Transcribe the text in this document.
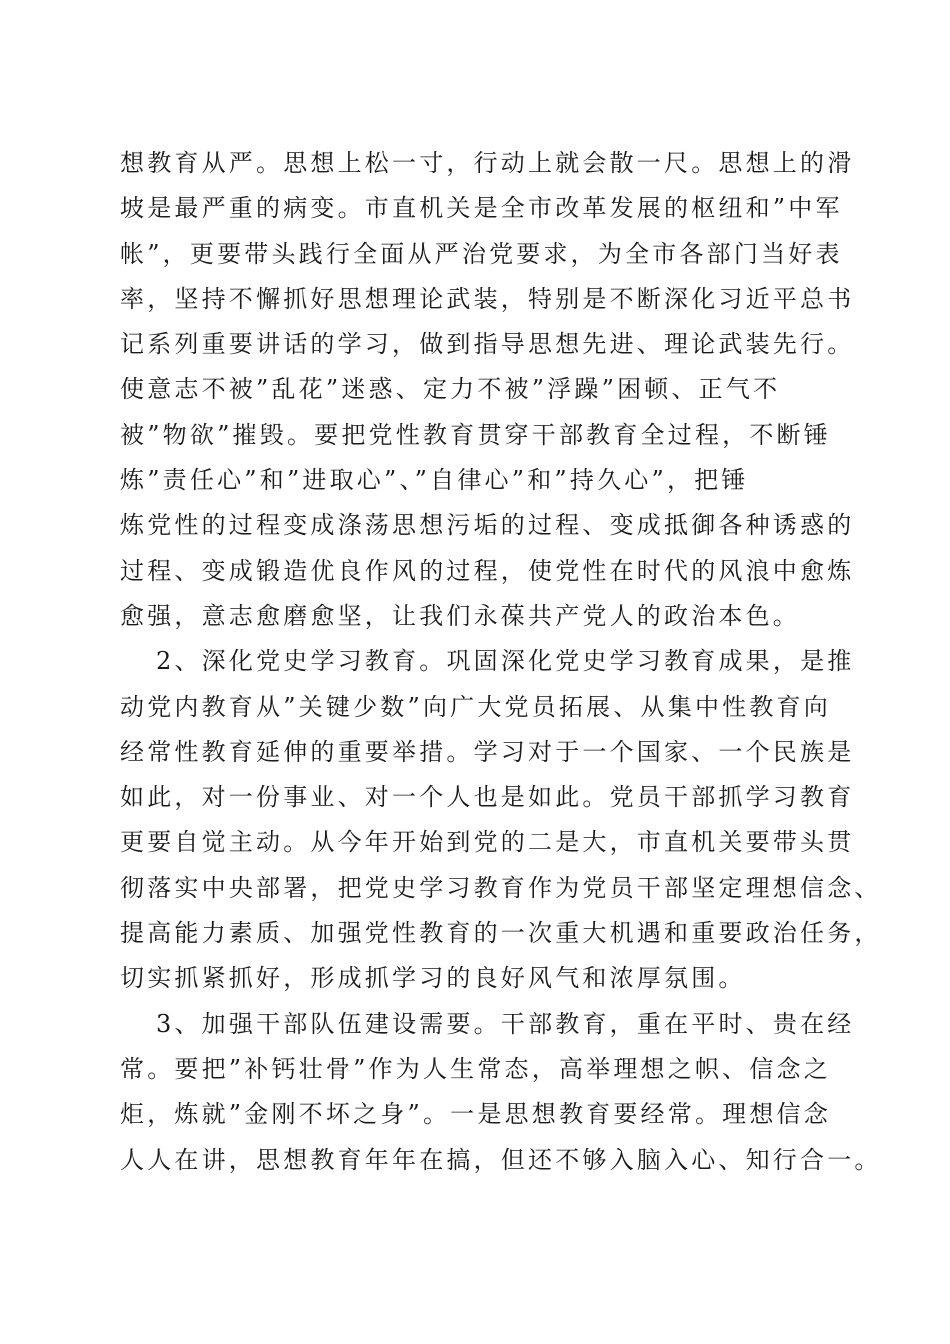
想教育从严。思想上松一寸，行动上就会散一尺。思想上的滑
坡是最严重的病变。市直机关是全市改革发展的枢纽和”中军
帐”，更要带头践行全面从严治党要求，为全市各部门当好表
率，坚持不懈抓好思想理论武装，特别是不断深化习近平总书
记系列重要讲话的学习，做到指导思想先进、理论武装先行。
使意志不被”乱花”迷惑、定力不被”浮躁”困顿、正气不
被”物欲”摧毁。要把党性教育贯穿干部教育全过程，不断锤
炼”责任心”和”进取心”、”自律心”和”持久心”，把锤
炼党性的过程变成涤荡思想污垢的过程、变成抵御各种诱惑的
过程、变成锻造优良作风的过程，使党性在时代的风浪中愈炼
愈强，意志愈磨愈坚，让我们永葆共产党人的政治本色。
2、深化党史学习教育。巩固深化党史学习教育成果，是推
动党内教育从”关键少数”向广大党员拓展、从集中性教育向
经常性教育延伸的重要举措。学习对于一个国家、一个民族是
如此，对一份事业、对一个人也是如此。党员干部抓学习教育
更要自觉主动。从今年开始到党的二是大，市直机关要带头贯
彻落实中央部署，把党史学习教育作为党员干部坚定理想信念、
提高能力素质、加强党性教育的一次重大机遇和重要政治任务，
切实抓紧抓好，形成抓学习的良好风气和浓厚氛围。
3、加强干部队伍建设需要。干部教育，重在平时、贵在经
常。要把”补钙壮骨”作为人生常态，高举理想之帜、信念之
炬，炼就”金刚不坏之身”。一是思想教育要经常。理想信念
人人在讲，思想教育年年在搞，但还不够入脑入心、知行合一。
